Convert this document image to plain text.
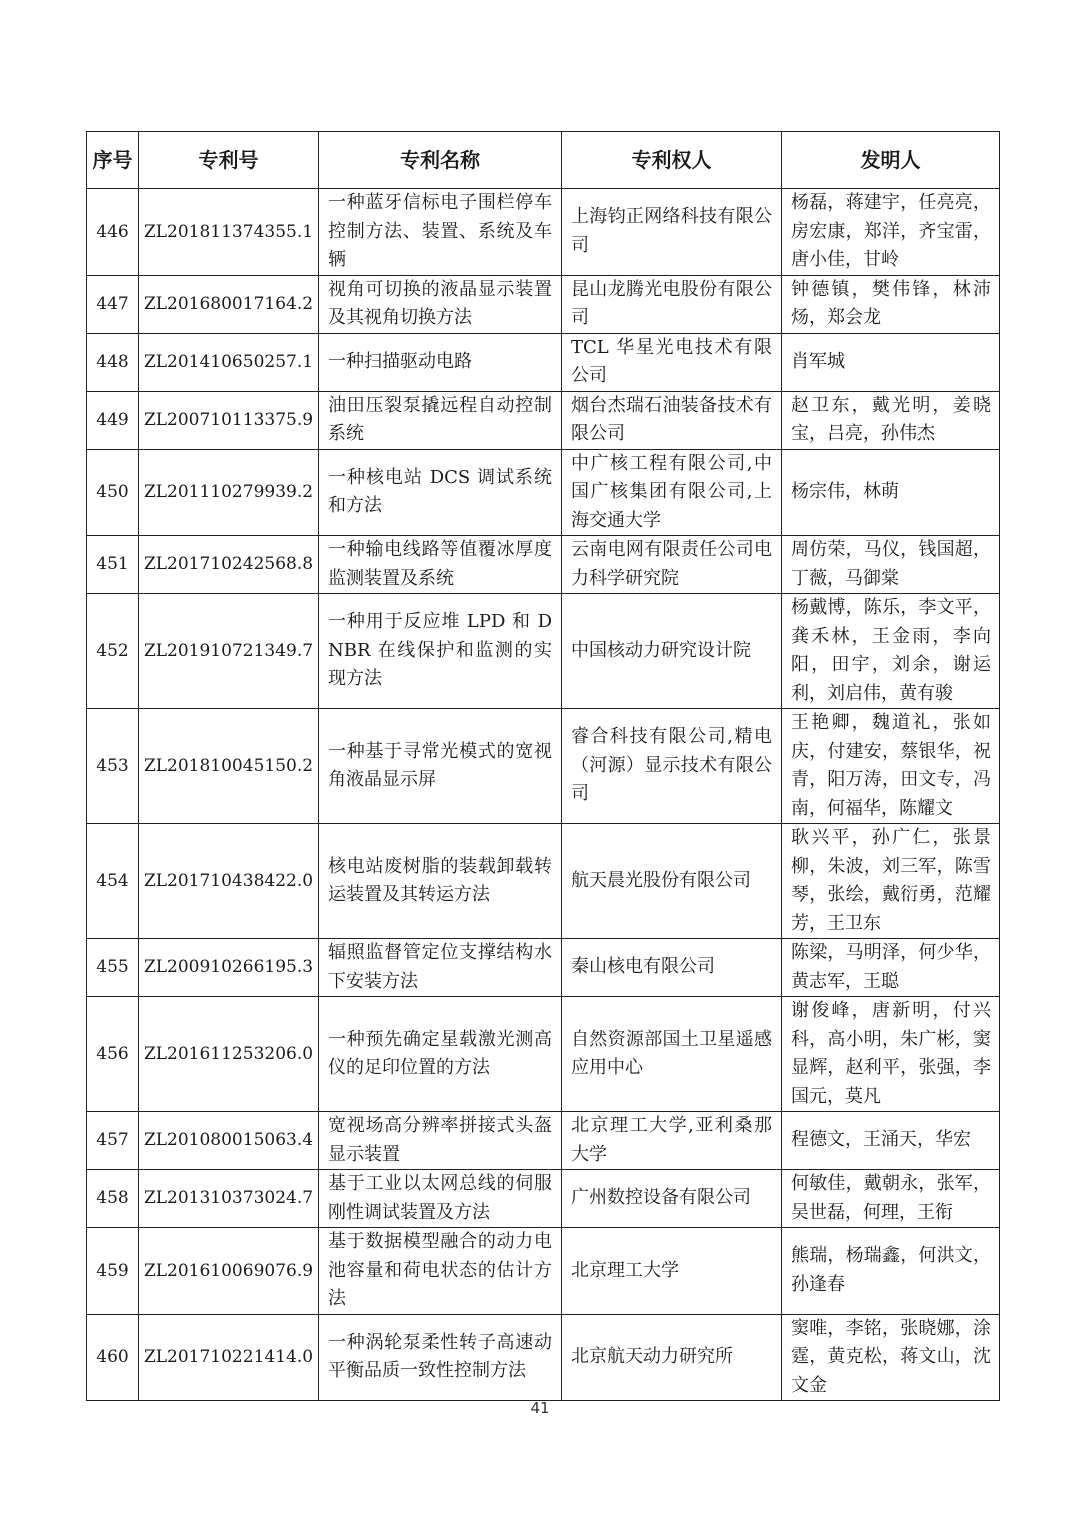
序号	专利号	专利名称	专利权人	发明人
446	ZL201811374355.1	一种蓝牙信标电子围栏停车控制方法、装置、系统及车辆	上海钧正网络科技有限公司	杨磊，蒋建宇，任亮亮，房宏康，郑洋，齐宝雷，唐小佳，甘岭
447	ZL201680017164.2	视角可切换的液晶显示装置及其视角切换方法	昆山龙腾光电股份有限公司	钟德镇，樊伟锋，林沛炀，郑会龙
448	ZL201410650257.1	一种扫描驱动电路	TCL 华星光电技术有限公司	肖军城
449	ZL200710113375.9	油田压裂泵撬远程自动控制系统	烟台杰瑞石油装备技术有限公司	赵卫东，戴光明，姜晓宝，吕亮，孙伟杰
450	ZL201110279939.2	一种核电站 DCS 调试系统和方法	中广核工程有限公司,中国广核集团有限公司,上海交通大学	杨宗伟，林萌
451	ZL201710242568.8	一种输电线路等值覆冰厚度监测装置及系统	云南电网有限责任公司电力科学研究院	周仿荣，马仪，钱国超，丁薇，马御棠
452	ZL201910721349.7	一种用于反应堆 LPD 和 DNBR 在线保护和监测的实现方法	中国核动力研究设计院	杨戴博，陈乐，李文平，龚禾林，王金雨，李向阳，田宇，刘余，谢运利，刘启伟，黄有骏
453	ZL201810045150.2	一种基于寻常光模式的宽视角液晶显示屏	睿合科技有限公司,精电（河源）显示技术有限公司	王艳卿，魏道礼，张如庆，付建安，蔡银华，祝青，阳万涛，田文专，冯南，何福华，陈耀文
454	ZL201710438422.0	核电站废树脂的装载卸载转运装置及其转运方法	航天晨光股份有限公司	耿兴平，孙广仁，张景柳，朱波，刘三军，陈雪琴，张绘，戴衍勇，范耀芳，王卫东
455	ZL200910266195.3	辐照监督管定位支撑结构水下安装方法	秦山核电有限公司	陈梁，马明泽，何少华，黄志军，王聪
456	ZL201611253206.0	一种预先确定星载激光测高仪的足印位置的方法	自然资源部国土卫星遥感应用中心	谢俊峰，唐新明，付兴科，高小明，朱广彬，窦显辉，赵利平，张强，李国元，莫凡
457	ZL201080015063.4	宽视场高分辨率拼接式头盔显示装置	北京理工大学,亚利桑那大学	程德文，王涌天，华宏
458	ZL201310373024.7	基于工业以太网总线的伺服刚性调试装置及方法	广州数控设备有限公司	何敏佳，戴朝永，张军，吴世磊，何理，王衔
459	ZL201610069076.9	基于数据模型融合的动力电池容量和荷电状态的估计方法	北京理工大学	熊瑞，杨瑞鑫，何洪文，孙逢春
460	ZL201710221414.0	一种涡轮泵柔性转子高速动平衡品质一致性控制方法	北京航天动力研究所	窦唯，李铭，张晓娜，涂霆，黄克松，蒋文山，沈文金
41
